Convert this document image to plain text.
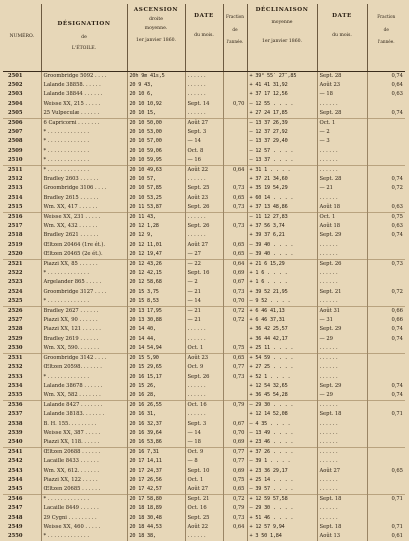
NUMÉRO.	DÉSIGNATION
de
L'ÉTOILE.	ASCENSION
droite
moyenne.
1er janvier 1860.	DATE
du mois.	Fraction
de
l'année.	DÉCLINAISON
moyenne
1er janvier 1860.	DATE
du mois.	Fraction
de
l'année.

2501	Groombridge 5092 . . . .	20h 9m 41s,5	. . . . . .		+ 39° 55′ 27″,85	Sept. 28	0,74
2502	Lalande 38858. . . . . .	20 9 43,	. . . . . .		+ 41 41 31,92	Août 23	0,64
2503	Lalande 38844 . . . . . .	20 10 6,	. . . . . .		+ 37 17 12,56	— 18	0,63
2504	Weisse XX, 215 . . . . .	20 10 10,92	Sept. 14	0,70	— 12 55 . . . .	. . . . . .	
2505	25 Vulpeculæ . . . . . .	20 10 15,	. . . . . .		+ 27 24 17,85	Sept. 28	0,74
2506	6 Capricorni . . . . . . .	20 10 50,00	Août 27		— 13 37 26,39	Oct. 1	
2507	* . . . . . . . . . . . . .	20 10 53,00	Sept. 3		— 12 37 27,92	— 2	
2508	* . . . . . . . . . . . . .	20 10 57,00	— 14		— 13 37 29,40	— 3	
2509	* . . . . . . . . . . . . .	20 10 59,06	Oct. 8		— 12 57 . . . .	. . . . . .	
2510	* . . . . . . . . . . . . .	20 10 59,95	— 16		— 13 37 . . . .	. . . . . .	
2511	* . . . . . . . . . . . . .	20 10 49,63	Août 22	0,64	+ 31 1 . . . .	. . . . . .	
2512	Bradley 2603 . . . . . .	20 10 57,	. . . . . .		+ 37 21 34,60	Sept. 28	0,74
2513	Groombridge 3106 . . . .	20 10 57,85	Sept. 25	0,73	+ 35 19 54,29	— 21	0,72
2514	Bradley 2615 . . . . . .	20 10 53,25	Août 23	0,65	+ 60 14 . . . .	. . . . . .	
2515	Wm. XX, 417 . . . . . .	20 11 53,87	Sept. 26	0,73	+ 37 13 48,86	Août 18	0,63
2516	Weisse XX, 231 . . . . .	20 11 43,	. . . . . .		— 11 12 27,83	Oct. 1	0,75
2517	Wm. XX, 432 . . . . . .	20 12 1,28	Sept. 26	0,73	+ 37 56 3,74	Août 18	0,63
2518	Bradley 2621 . . . . . .	20 12 9,	. . . . . .		+ 39 37 6,21	Sept. 29	0,74
2519	Œltzen 20464 (1re ét.).	20 12 11,01	Août 27	0,65	— 39 40 . . . .	. . . . . .	
2520	Œltzen 20465 (2e ét.).	20 12 19,47	— 27	0,65	— 39 40 . . . .	. . . . . .	
2521	Piazzi XX, 85 . . . . . .	20 12 43,26	— 22	0,64	+ 21 6 15,29	Sept. 26	0,73
2522	* . . . . . . . . . . . . .	20 12 42,15	Sept. 16	0,69	+ 1 6 . . . .	. . . . . .	
2523	Argelander 865 . . . . .	20 12 58,68	— 2	0,67	+ 1 6 . . . .	. . . . . .	
2524	Groombridge 3127 . . . .	20 15 3,75	— 21	0,73	+ 39 52 21,95	Sept. 21	0,72
2525	* . . . . . . . . . . . . .	20 15 8,53	— 14	0,70	— 9 52 . . . .	. . . . . .	
2526	Bradley 2627 . . . . . .	20 13 17,95	— 21	0,72	+ 6 46 41,13	Août 31	0,66
2527	Piazzi XX, 90 . . . . . .	20 13 30,88	— 21	0,72	+ 6 46 37,31	— 31	0,66
2528	Piazzi XX, 121 . . . . . .	20 14 40,	. . . . . .		+ 36 42 25,57	Sept. 29	0,74
2529	Bradley 2619 . . . . . .	20 14 44,	. . . . . .		+ 36 44 42,17	— 29	0,74
2530	Wm. XX, 590. . . . . . .	20 14 54,94	Oct. 1	0,75	+ 25 11 . . . .	. . . . . .	
2531	Groombridge 3142 . . . .	20 15 5,90	Août 23	0,65	+ 54 59 . . . .	. . . . . .	
2532	Œltzen 20598. . . . . . .	20 15 29,65	Oct. 9	0,77	+ 27 25 . . . .	. . . . . .	
2533	* . . . . . . . . . . . . .	20 16 15,17	Sept. 26	0,73	+ 52 1 . . . .	. . . . . .	
2534	Lalande 38678 . . . . . .	20 15 26,	. . . . . .		+ 12 54 32,65	Sept. 29	0,74
2535	Wm. XX, 582 . . . . . . .	20 16 28,	. . . . . .		+ 36 45 54,28	— 29	0,74
2536	Lalande 8427 . . . . . . .	20 16 26,55	Oct. 16	0,79	— 29 30 . . . .	. . . . . .	
2537	Lalande 38183. . . . . . .	20 16 31,	. . . . . .		+ 12 14 52,08	Sept. 18	0,71
2538	B. H. 155. . . . . . . . .	20 16 32,37	Sept. 3	0,67	— 4 35 . . . .	. . . . . .	
2539	Weisse XX, 387 . . . . .	20 16 39,64	— 14	0,70	— 13 49 . . . .	. . . . . .	
2540	Piazzi XX, 118. . . . . .	20 16 53,86	— 18	0,69	+ 23 46 . . . .	. . . . . .	
2541	Œltzen 20688 . . . . . .	20 16 7,31	Oct. 9	0,77	+ 37 26 . . . .	. . . . . .	
2542	Lacaille 8433 . . . . . .	20 17 14,11	— 8	0,77	— 39 1 . . . .	. . . . . .	
2543	Wm. XX, 612. . . . . . .	20 17 24,37	Sept. 10	0,69	+ 23 36 29,17	Août 27	0,65
2544	Piazzi XX, 122 . . . . .	20 17 26,56	Oct. 1	0,75	+ 25 14 . . . .	. . . . . .	
2545	Œltzen 20685 . . . . . .	20 17 42,57	Août 27	0,65	— 39 57 . . . .	. . . . . .	
2546	* . . . . . . . . . . . . .	20 17 58,80	Sept. 21	0,72	+ 12 59 57,58	Sept. 18	0,71
2547	Lacaille 8449 . . . . . .	20 18 18,89	Oct. 16	0,79	— 29 30 . . . .	. . . . . .	
2548	29 Cygni . . . . . . . . .	20 18 30,48	Sept. 25	0,73	+ 51 46 . . . .	. . . . . .	
2549	Weisse XX, 460 . . . . .	20 18 44,53	Août 22	0,64	+ 12 57 9,94	Sept. 18	0,71
2550	* . . . . . . . . . . . . .	20 18 38,	. . . . . .		+ 3 50 1,84	Août 13	0,61
